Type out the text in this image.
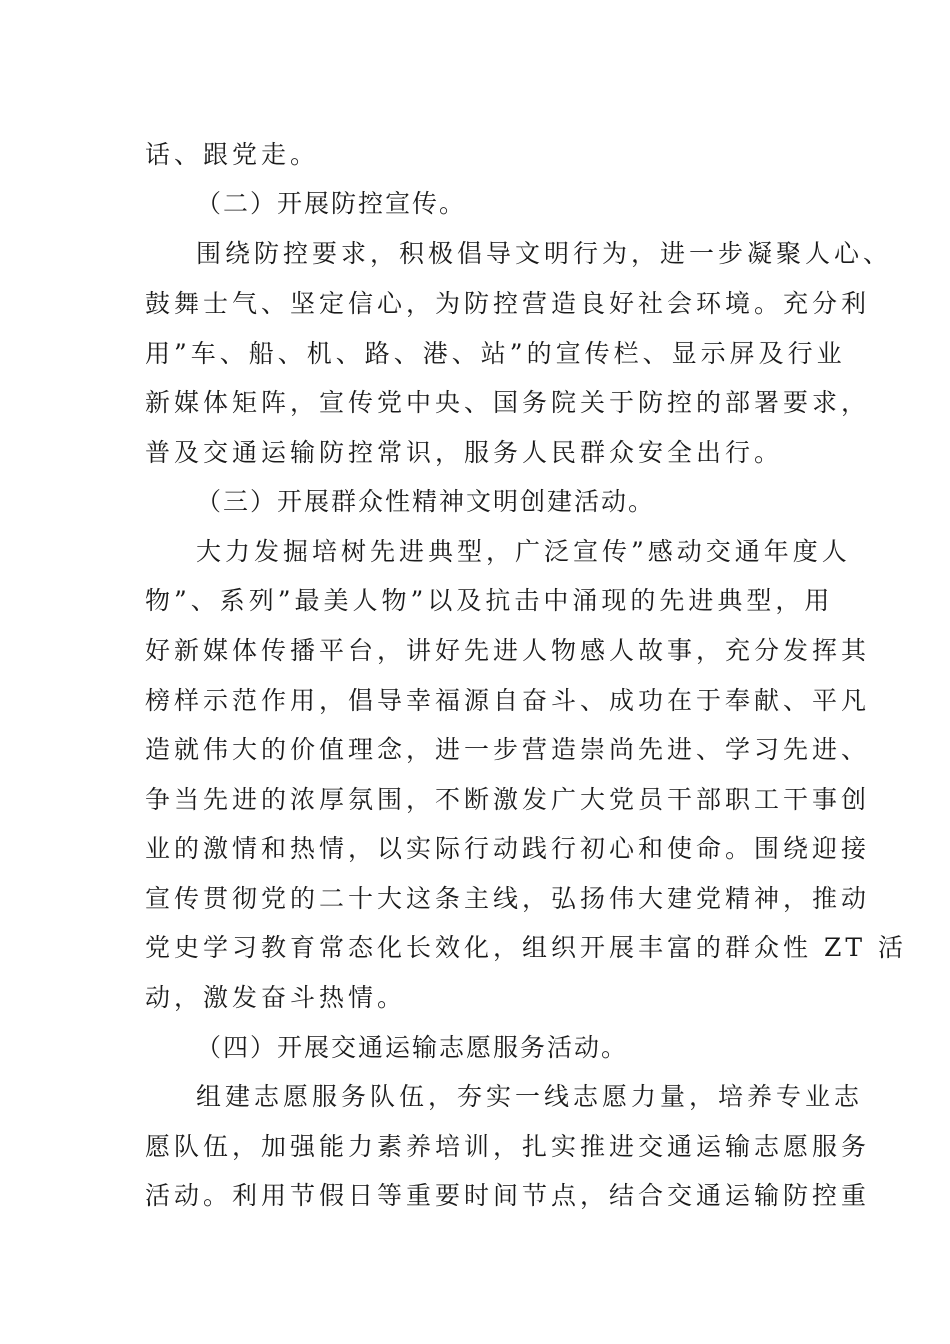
话、跟党走。

（二）开展防控宣传。

围绕防控要求，积极倡导文明行为，进一步凝聚人心、

鼓舞士气、坚定信心，为防控营造良好社会环境。充分利

用”车、船、机、路、港、站”的宣传栏、显示屏及行业

新媒体矩阵，宣传党中央、国务院关于防控的部署要求，

普及交通运输防控常识，服务人民群众安全出行。

（三）开展群众性精神文明创建活动。

大力发掘培树先进典型，广泛宣传”感动交通年度人

物”、系列”最美人物”以及抗击中涌现的先进典型，用

好新媒体传播平台，讲好先进人物感人故事，充分发挥其

榜样示范作用，倡导幸福源自奋斗、成功在于奉献、平凡

造就伟大的价值理念，进一步营造崇尚先进、学习先进、

争当先进的浓厚氛围，不断激发广大党员干部职工干事创

业的激情和热情，以实际行动践行初心和使命。围绕迎接

宣传贯彻党的二十大这条主线，弘扬伟大建党精神，推动

党史学习教育常态化长效化，组织开展丰富的群众性 ZT 活

动，激发奋斗热情。

（四）开展交通运输志愿服务活动。

组建志愿服务队伍，夯实一线志愿力量，培养专业志

愿队伍，加强能力素养培训，扎实推进交通运输志愿服务

活动。利用节假日等重要时间节点，结合交通运输防控重
